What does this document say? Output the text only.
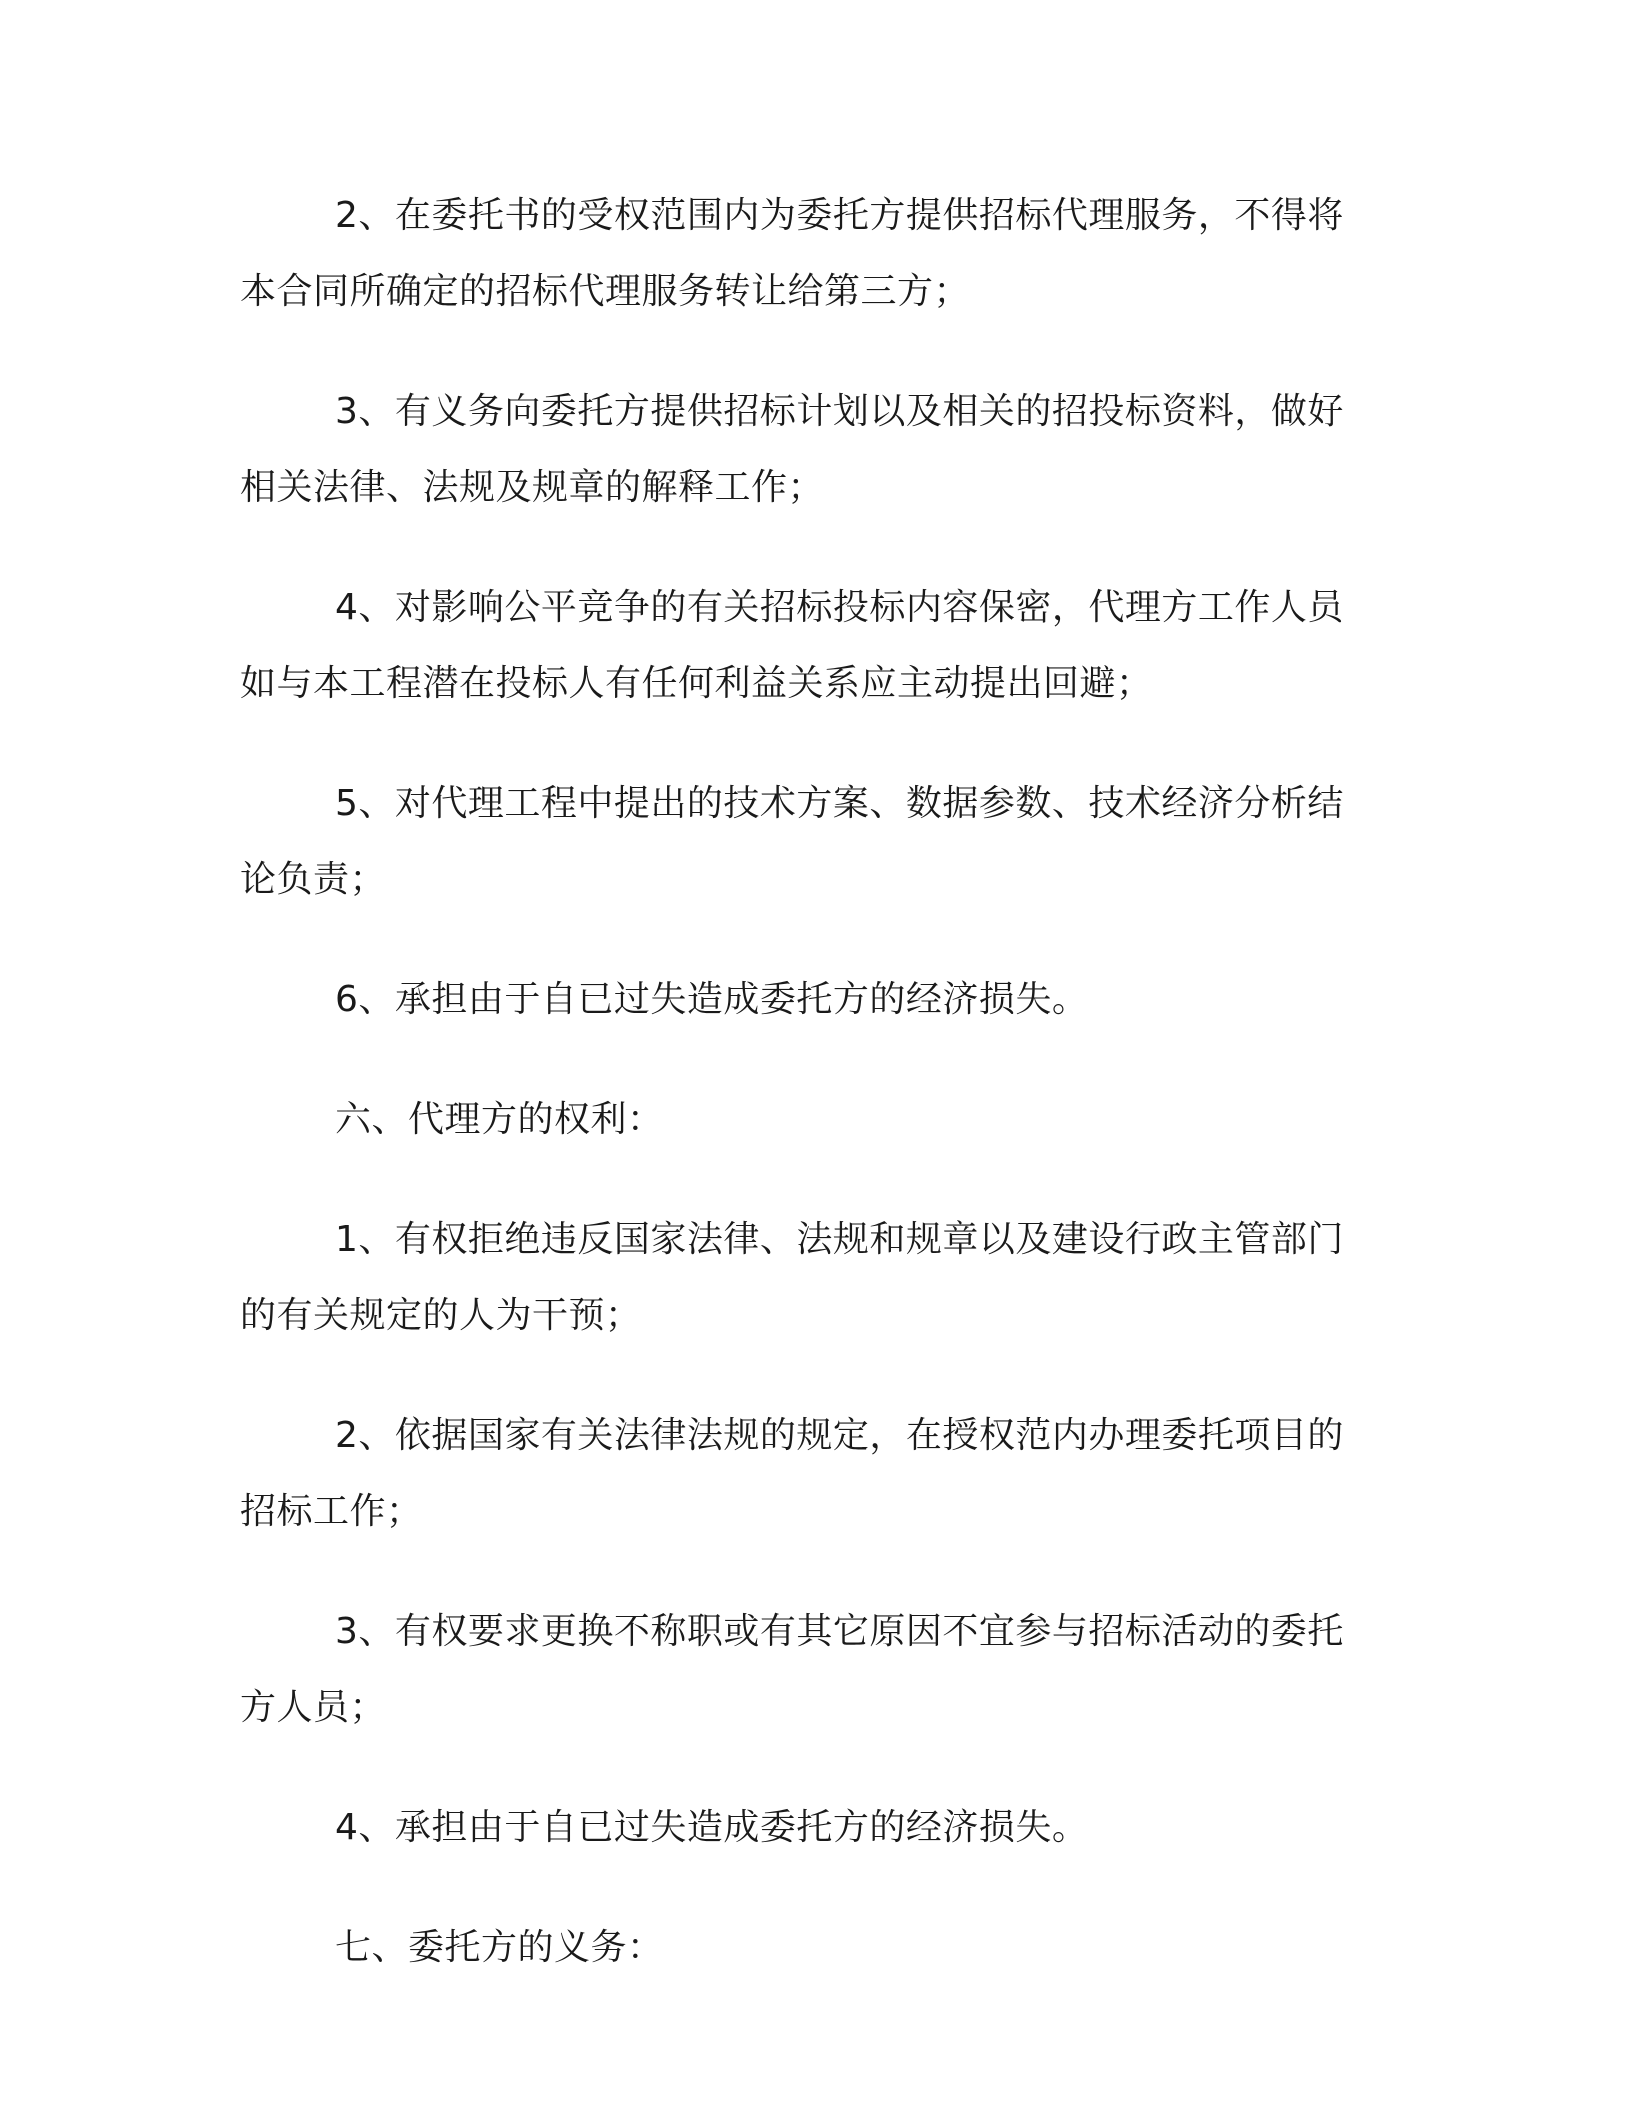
2、在委托书的受权范围内为委托方提供招标代理服务，不得将本合同所确定的招标代理服务转让给第三方；

3、有义务向委托方提供招标计划以及相关的招投标资料，做好相关法律、法规及规章的解释工作；

4、对影响公平竞争的有关招标投标内容保密，代理方工作人员如与本工程潜在投标人有任何利益关系应主动提出回避；

5、对代理工程中提出的技术方案、数据参数、技术经济分析结论负责；

6、承担由于自已过失造成委托方的经济损失。

六、代理方的权利：

1、有权拒绝违反国家法律、法规和规章以及建设行政主管部门的有关规定的人为干预；

2、依据国家有关法律法规的规定，在授权范内办理委托项目的招标工作；

3、有权要求更换不称职或有其它原因不宜参与招标活动的委托方人员；

4、承担由于自已过失造成委托方的经济损失。

七、委托方的义务：
